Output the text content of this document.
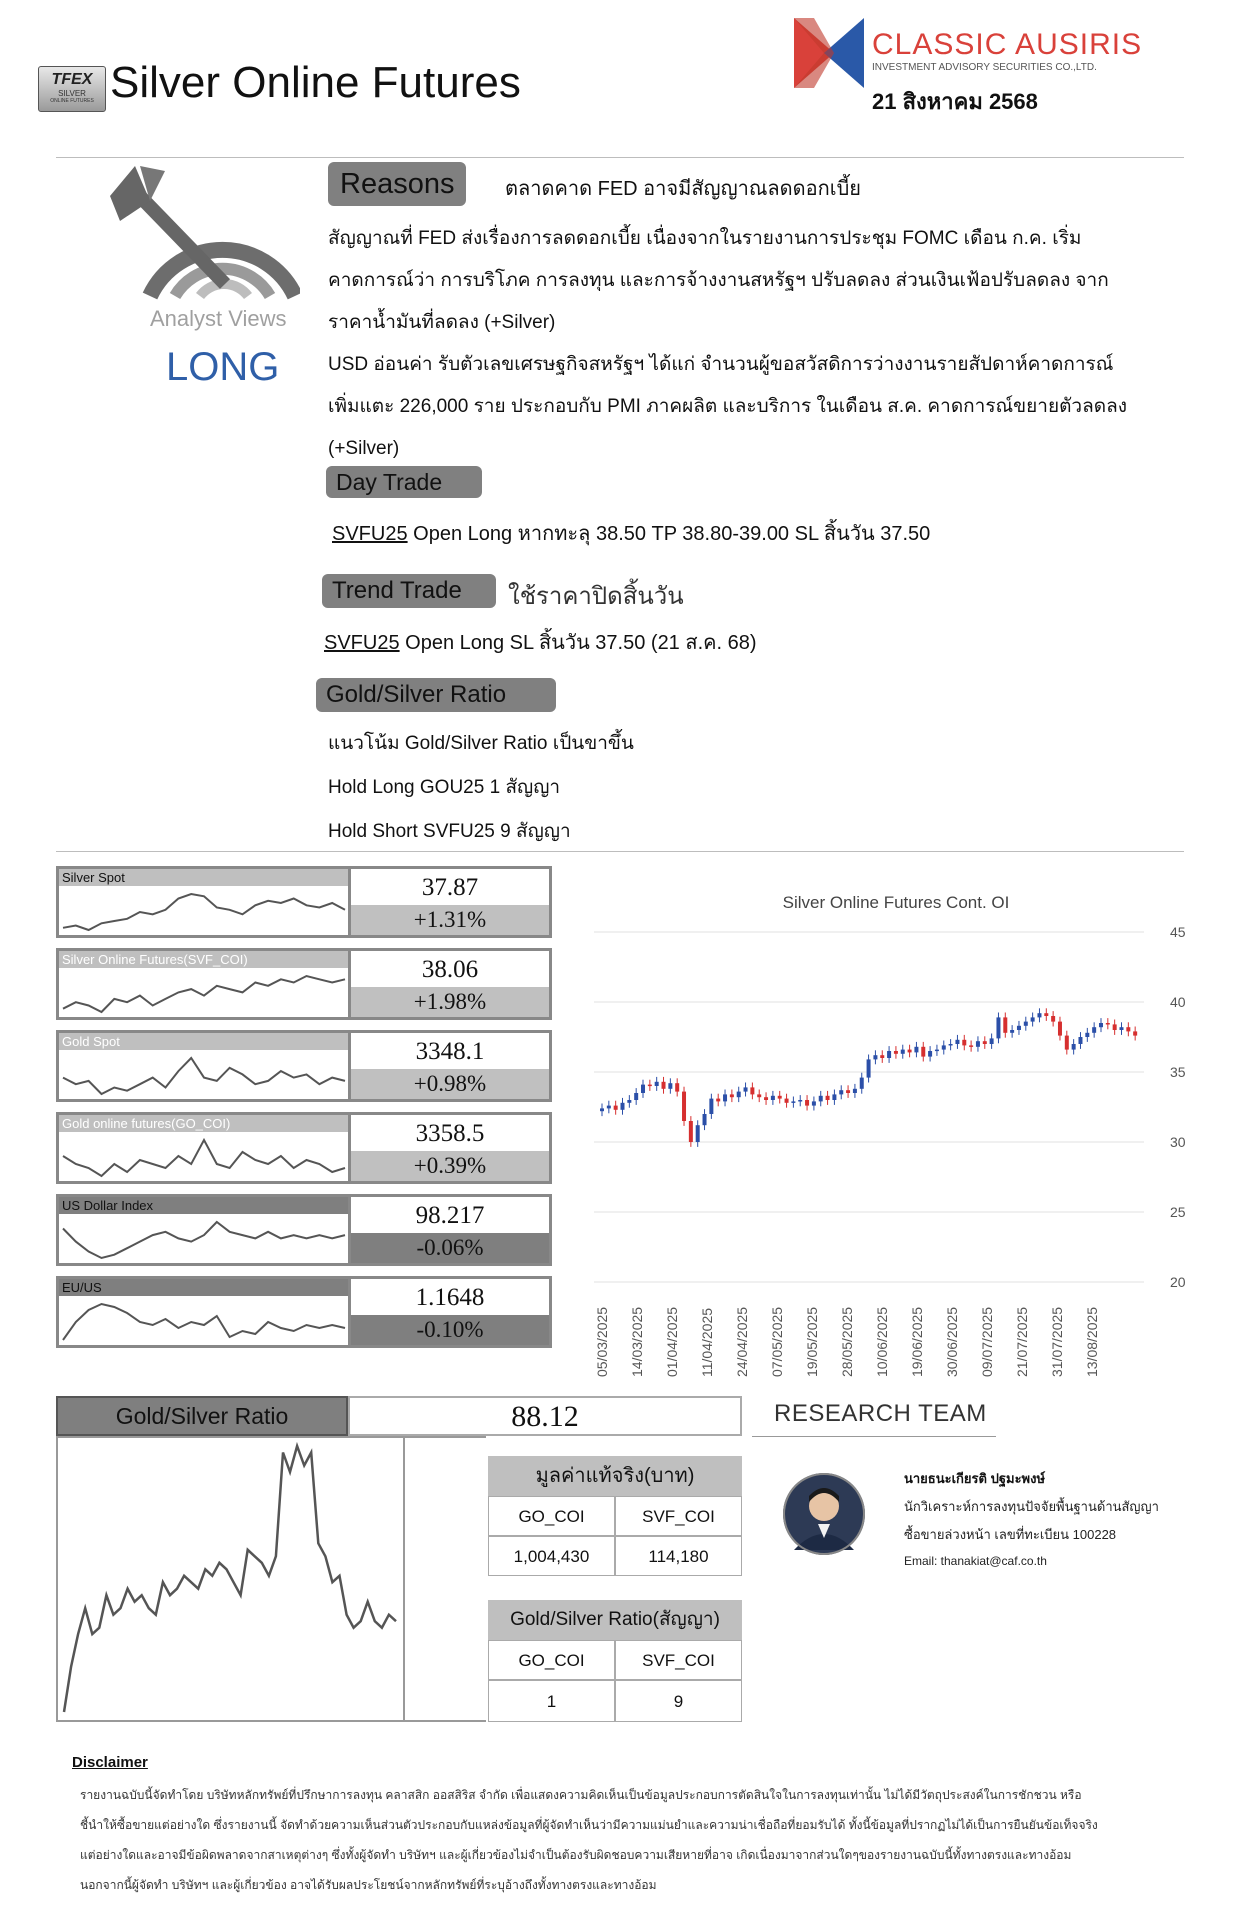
TFEX
SILVER
ONLINE FUTURES Silver Online Futures
CLASSIC AUSIRIS
INVESTMENT ADVISORY SECURITIES CO.,LTD.
21 สิงหาคม 2568
Analyst Views
LONG
Reasons	ตลาดคาด FED อาจมีสัญญาณลดดอกเบี้ย
สัญญาณที่ FED ส่งเรื่องการลดดอกเบี้ย เนื่องจากในรายงานการประชุม FOMC เดือน ก.ค. เริ่ม
คาดการณ์ว่า การบริโภค การลงทุน และการจ้างงานสหรัฐฯ ปรับลดลง ส่วนเงินเฟ้อปรับลดลง จาก
ราคาน้ำมันที่ลดลง (+Silver)
USD อ่อนค่า รับตัวเลขเศรษฐกิจสหรัฐฯ ได้แก่ จำนวนผู้ขอสวัสดิการว่างงานรายสัปดาห์คาดการณ์
เพิ่มแตะ 226,000 ราย ประกอบกับ PMI ภาคผลิต และบริการ ในเดือน ส.ค. คาดการณ์ขยายตัวลดลง
(+Silver)
Day Trade
SVFU25 Open Long หากทะลุ 38.50 TP 38.80-39.00 SL สิ้นวัน 37.50
Trend Trade	ใช้ราคาปิดสิ้นวัน
SVFU25 Open Long SL สิ้นวัน 37.50 (21 ส.ค. 68)
Gold/Silver Ratio
แนวโน้ม Gold/Silver Ratio เป็นขาขึ้น
Hold Long GOU25 1 สัญญา
Hold Short SVFU25 9 สัญญา
Silver Spot	37.87
+1.31%
Silver Online Futures(SVF_COI)	38.06
+1.98%
Gold Spot	3348.1
+0.98%
Gold online futures(GO_COI)	3358.5
+0.39%
US Dollar Index	98.217
-0.06%
EU/US	1.1648
-0.10%
Silver Online Futures Cont. OI
20
25
30
35
40
45
05/03/2025 14/03/2025 01/04/2025 11/04/2025 24/04/2025 07/05/2025 19/05/2025 28/05/2025 10/06/2025 19/06/2025 30/06/2025 09/07/2025 21/07/2025 31/07/2025 13/08/2025
Gold/Silver Ratio	88.12
มูลค่าแท้จริง(บาท)
GO_COI	SVF_COI
1,004,430	114,180
Gold/Silver Ratio(สัญญา)
GO_COI	SVF_COI
1	9
RESEARCH TEAM
นายธนะเกียรติ ปฐมะพงษ์
นักวิเคราะห์การลงทุนปัจจัยพื้นฐานด้านสัญญา
ซื้อขายล่วงหน้า เลขที่ทะเบียน 100228
Email: thanakiat@caf.co.th
Disclaimer
รายงานฉบับนี้จัดทำโดย บริษัทหลักทรัพย์ที่ปรึกษาการลงทุน คลาสสิก ออสสิริส จำกัด เพื่อแสดงความคิดเห็นเป็นข้อมูลประกอบการตัดสินใจในการลงทุนเท่านั้น ไม่ได้มีวัตถุประสงค์ในการชักชวน หรือ
ชี้นำให้ซื้อขายแต่อย่างใด ซึ่งรายงานนี้ จัดทำด้วยความเห็นส่วนตัวประกอบกับแหล่งข้อมูลที่ผู้จัดทำเห็นว่ามีความแม่นยำและความน่าเชื่อถือที่ยอมรับได้ ทั้งนี้ข้อมูลที่ปรากฏไม่ได้เป็นการยืนยันข้อเท็จจริง
แต่อย่างใดและอาจมีข้อผิดพลาดจากสาเหตุต่างๆ ซึ่งทั้งผู้จัดทำ บริษัทฯ และผู้เกี่ยวข้องไม่จำเป็นต้องรับผิดชอบความเสียหายที่อาจ เกิดเนื่องมาจากส่วนใดๆของรายงานฉบับนี้ทั้งทางตรงและทางอ้อม
นอกจากนี้ผู้จัดทำ บริษัทฯ และผู้เกี่ยวข้อง อาจได้รับผลประโยชน์จากหลักทรัพย์ที่ระบุอ้างถึงทั้งทางตรงและทางอ้อม
